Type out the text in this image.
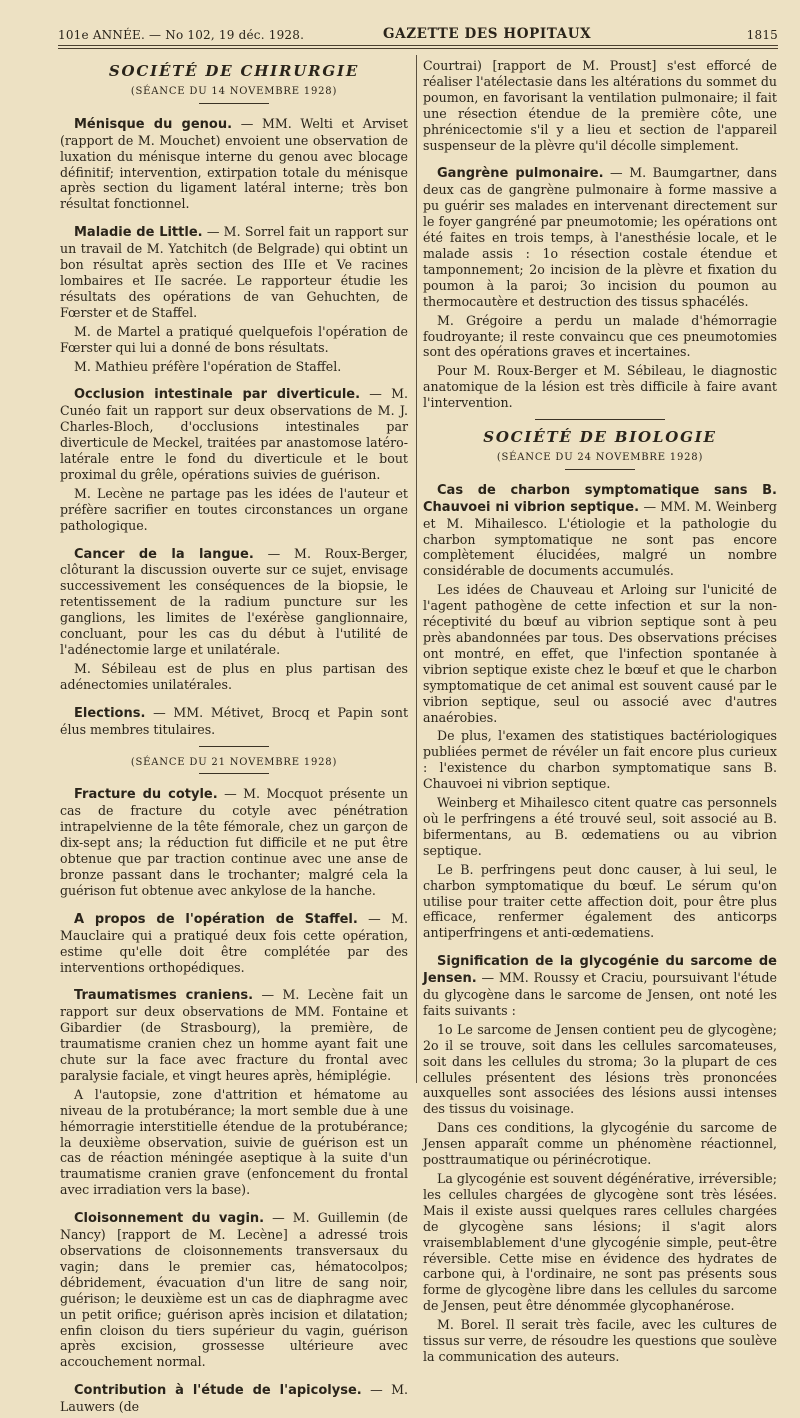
101e ANNÉE. — No 102, 19 déc. 1928.	GAZETTE DES HOPITAUX	1815
SOCIÉTÉ DE CHIRURGIE
(SÉANCE DU 14 NOVEMBRE 1928)

Ménisque du genou. — MM. Welti et Arviset (rapport de M. Mouchet) envoient une observation de luxation du ménisque interne du genou avec blocage définitif; intervention, extirpation totale du ménisque après section du ligament latéral interne; très bon résultat fonctionnel.

Maladie de Little. — M. Sorrel fait un rapport sur un travail de M. Yatchitch (de Belgrade) qui obtint un bon résultat après section des IIIe et Ve racines lombaires et IIe sacrée. Le rapporteur étudie les résultats des opérations de van Gehuchten, de Fœrster et de Staffel.

M. de Martel a pratiqué quelquefois l'opération de Fœrster qui lui a donné de bons résultats.

M. Mathieu préfère l'opération de Staffel.

Occlusion intestinale par diverticule. — M. Cunéo fait un rapport sur deux observations de M. J. Charles-Bloch, d'occlusions intestinales par diverticule de Meckel, traitées par anastomose latéro-latérale entre le fond du diverticule et le bout proximal du grêle, opérations suivies de guérison.

M. Lecène ne partage pas les idées de l'auteur et préfère sacrifier en toutes circonstances un organe pathologique.

Cancer de la langue. — M. Roux-Berger, clôturant la discussion ouverte sur ce sujet, envisage successivement les conséquences de la biopsie, le retentissement de la radium puncture sur les ganglions, les limites de l'exérèse ganglionnaire, concluant, pour les cas du début à l'utilité de l'adénectomie large et unilatérale.

M. Sébileau est de plus en plus partisan des adénectomies unilatérales.

Elections. — MM. Métivet, Brocq et Papin sont élus membres titulaires.

(SÉANCE DU 21 NOVEMBRE 1928)

Fracture du cotyle. — M. Mocquot présente un cas de fracture du cotyle avec pénétration intrapelvienne de la tête fémorale, chez un garçon de dix-sept ans; la réduction fut difficile et ne put être obtenue que par traction continue avec une anse de bronze passant dans le trochanter; malgré cela la guérison fut obtenue avec ankylose de la hanche.

A propos de l'opération de Staffel. — M. Mauclaire qui a pratiqué deux fois cette opération, estime qu'elle doit être complétée par des interventions orthopédiques.

Traumatismes craniens. — M. Lecène fait un rapport sur deux observations de MM. Fontaine et Gibardier (de Strasbourg), la première, de traumatisme cranien chez un homme ayant fait une chute sur la face avec fracture du frontal avec paralysie faciale, et vingt heures après, hémiplégie.

A l'autopsie, zone d'attrition et hématome au niveau de la protubérance; la mort semble due à une hémorragie interstitielle étendue de la protubérance; la deuxième observation, suivie de guérison est un cas de réaction méningée aseptique à la suite d'un traumatisme cranien grave (enfoncement du frontal avec irradiation vers la base).

Cloisonnement du vagin. — M. Guillemin (de Nancy) [rapport de M. Lecène] a adressé trois observations de cloisonnements transversaux du vagin; dans le premier cas, hématocolpos; débridement, évacuation d'un litre de sang noir, guérison; le deuxième est un cas de diaphragme avec un petit orifice; guérison après incision et dilatation; enfin cloison du tiers supérieur du vagin, guérison après excision, grossesse ultérieure avec accouchement normal.

Contribution à l'étude de l'apicolyse. — M. Lauwers (de

Courtrai) [rapport de M. Proust] s'est efforcé de réaliser l'atélectasie dans les altérations du sommet du poumon, en favorisant la ventilation pulmonaire; il fait une résection étendue de la première côte, une phrénicectomie s'il y a lieu et section de l'appareil suspenseur de la plèvre qu'il décolle simplement.

Gangrène pulmonaire. — M. Baumgartner, dans deux cas de gangrène pulmonaire à forme massive a pu guérir ses malades en intervenant directement sur le foyer gangréné par pneumotomie; les opérations ont été faites en trois temps, à l'anesthésie locale, et le malade assis : 1o résection costale étendue et tamponnement; 2o incision de la plèvre et fixation du poumon à la paroi; 3o incision du poumon au thermocautère et destruction des tissus sphacélés.

M. Grégoire a perdu un malade d'hémorragie foudroyante; il reste convaincu que ces pneumotomies sont des opérations graves et incertaines.

Pour M. Roux-Berger et M. Sébileau, le diagnostic anatomique de la lésion est très difficile à faire avant l'intervention.

SOCIÉTÉ DE BIOLOGIE
(SÉANCE DU 24 NOVEMBRE 1928)

Cas de charbon symptomatique sans B. Chauvoei ni vibrion septique. — MM. M. Weinberg et M. Mihailesco. L'étiologie et la pathologie du charbon symptomatique ne sont pas encore complètement élucidées, malgré un nombre considérable de documents accumulés.

Les idées de Chauveau et Arloing sur l'unicité de l'agent pathogène de cette infection et sur la non-réceptivité du bœuf au vibrion septique sont à peu près abandonnées par tous. Des observations précises ont montré, en effet, que l'infection spontanée à vibrion septique existe chez le bœuf et que le charbon symptomatique de cet animal est souvent causé par le vibrion septique, seul ou associé avec d'autres anaérobies.

De plus, l'examen des statistiques bactériologiques publiées permet de révéler un fait encore plus curieux : l'existence du charbon symptomatique sans B. Chauvoei ni vibrion septique.

Weinberg et Mihailesco citent quatre cas personnels où le perfringens a été trouvé seul, soit associé au B. bifermentans, au B. œdematiens ou au vibrion septique.

Le B. perfringens peut donc causer, à lui seul, le charbon symptomatique du bœuf. Le sérum qu'on utilise pour traiter cette affection doit, pour être plus efficace, renfermer également des anticorps antiperfringens et anti-œdematiens.

Signification de la glycogénie du sarcome de Jensen. — MM. Roussy et Craciu, poursuivant l'étude du glycogène dans le sarcome de Jensen, ont noté les faits suivants :

1o Le sarcome de Jensen contient peu de glycogène; 2o il se trouve, soit dans les cellules sarcomateuses, soit dans les cellules du stroma; 3o la plupart de ces cellules présentent des lésions très prononcées auxquelles sont associées des lésions aussi intenses des tissus du voisinage.

Dans ces conditions, la glycogénie du sarcome de Jensen apparaît comme un phénomène réactionnel, posttraumatique ou périnécrotique.

La glycogénie est souvent dégénérative, irréversible; les cellules chargées de glycogène sont très lésées. Mais il existe aussi quelques rares cellules chargées de glycogène sans lésions; il s'agit alors vraisemblablement d'une glycogénie simple, peut-être réversible. Cette mise en évidence des hydrates de carbone qui, à l'ordinaire, ne sont pas présents sous forme de glycogène libre dans les cellules du sarcome de Jensen, peut être dénommée glycophanérose.

M. Borel. Il serait très facile, avec les cultures de tissus sur verre, de résoudre les questions que soulève la communication des auteurs.
